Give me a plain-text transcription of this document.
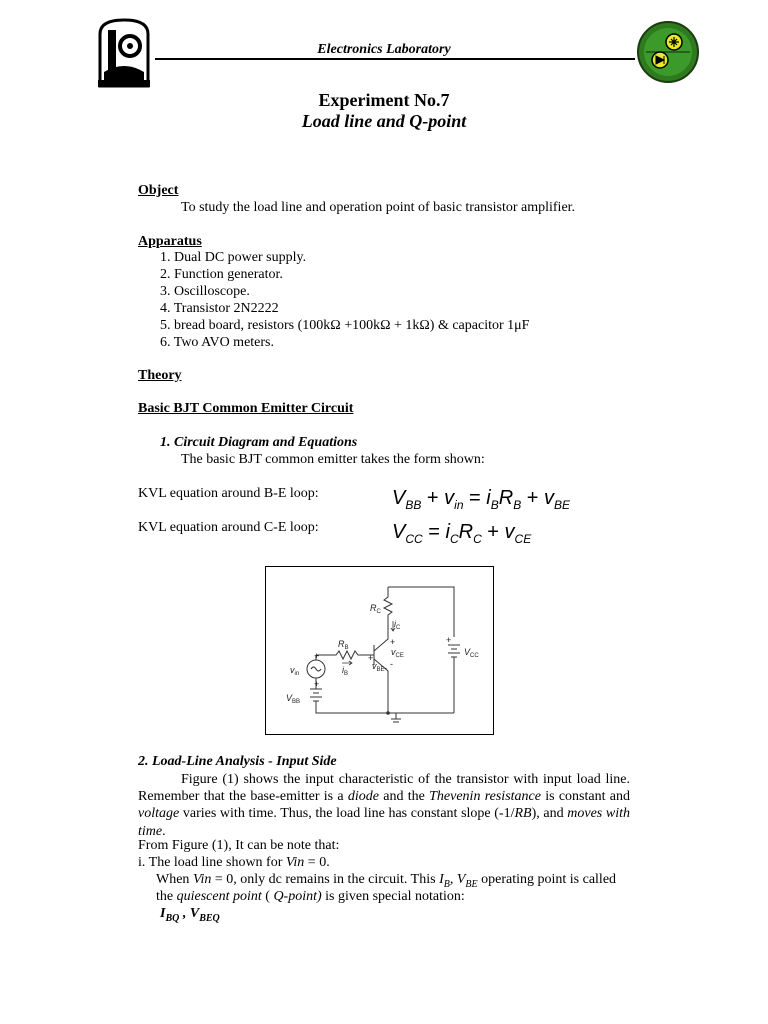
Electronics Laboratory
Experiment No.7
Load line and Q-point
Object
To study the load line and operation point of basic transistor amplifier.
Apparatus
1. Dual DC power supply.
2. Function generator.
3. Oscilloscope.
4. Transistor 2N2222
5. bread board, resistors (100kΩ +100kΩ + 1kΩ) & capacitor 1μF
6. Two AVO meters.
Theory
Basic BJT Common Emitter Circuit
1. Circuit Diagram and Equations
The basic BJT common emitter takes the form shown:
KVL equation around B-E loop:	$V_{BB} + v_{in} = i_BR_B + v_{BE}$
KVL equation around C-E loop:	$V_{CC} = i_CR_C + v_{CE}$
$R_C$
$i_C$
$R_B$
$i_B$
$v_{CE}$
$v_{BE}$
$v_{in}$
$V_{BB}$
$V_{CC}$
+
-
+
-
+
+
+
2. Load-Line Analysis - Input Side
Figure (1) shows the input characteristic of the transistor with input load line. Remember that the base-emitter is a diode and the Thevenin resistance is constant and voltage varies with time. Thus, the load line has constant slope (-1/RB), and moves with time.
From Figure (1), It can be note that:
i. The load line shown for Vin = 0.
When Vin = 0, only dc remains in the circuit. This $I_B$, $V_{BE}$ operating point is called
the quiescent point ( Q-point) is given special notation:
$I_{BQ}$ , $V_{BEQ}$
